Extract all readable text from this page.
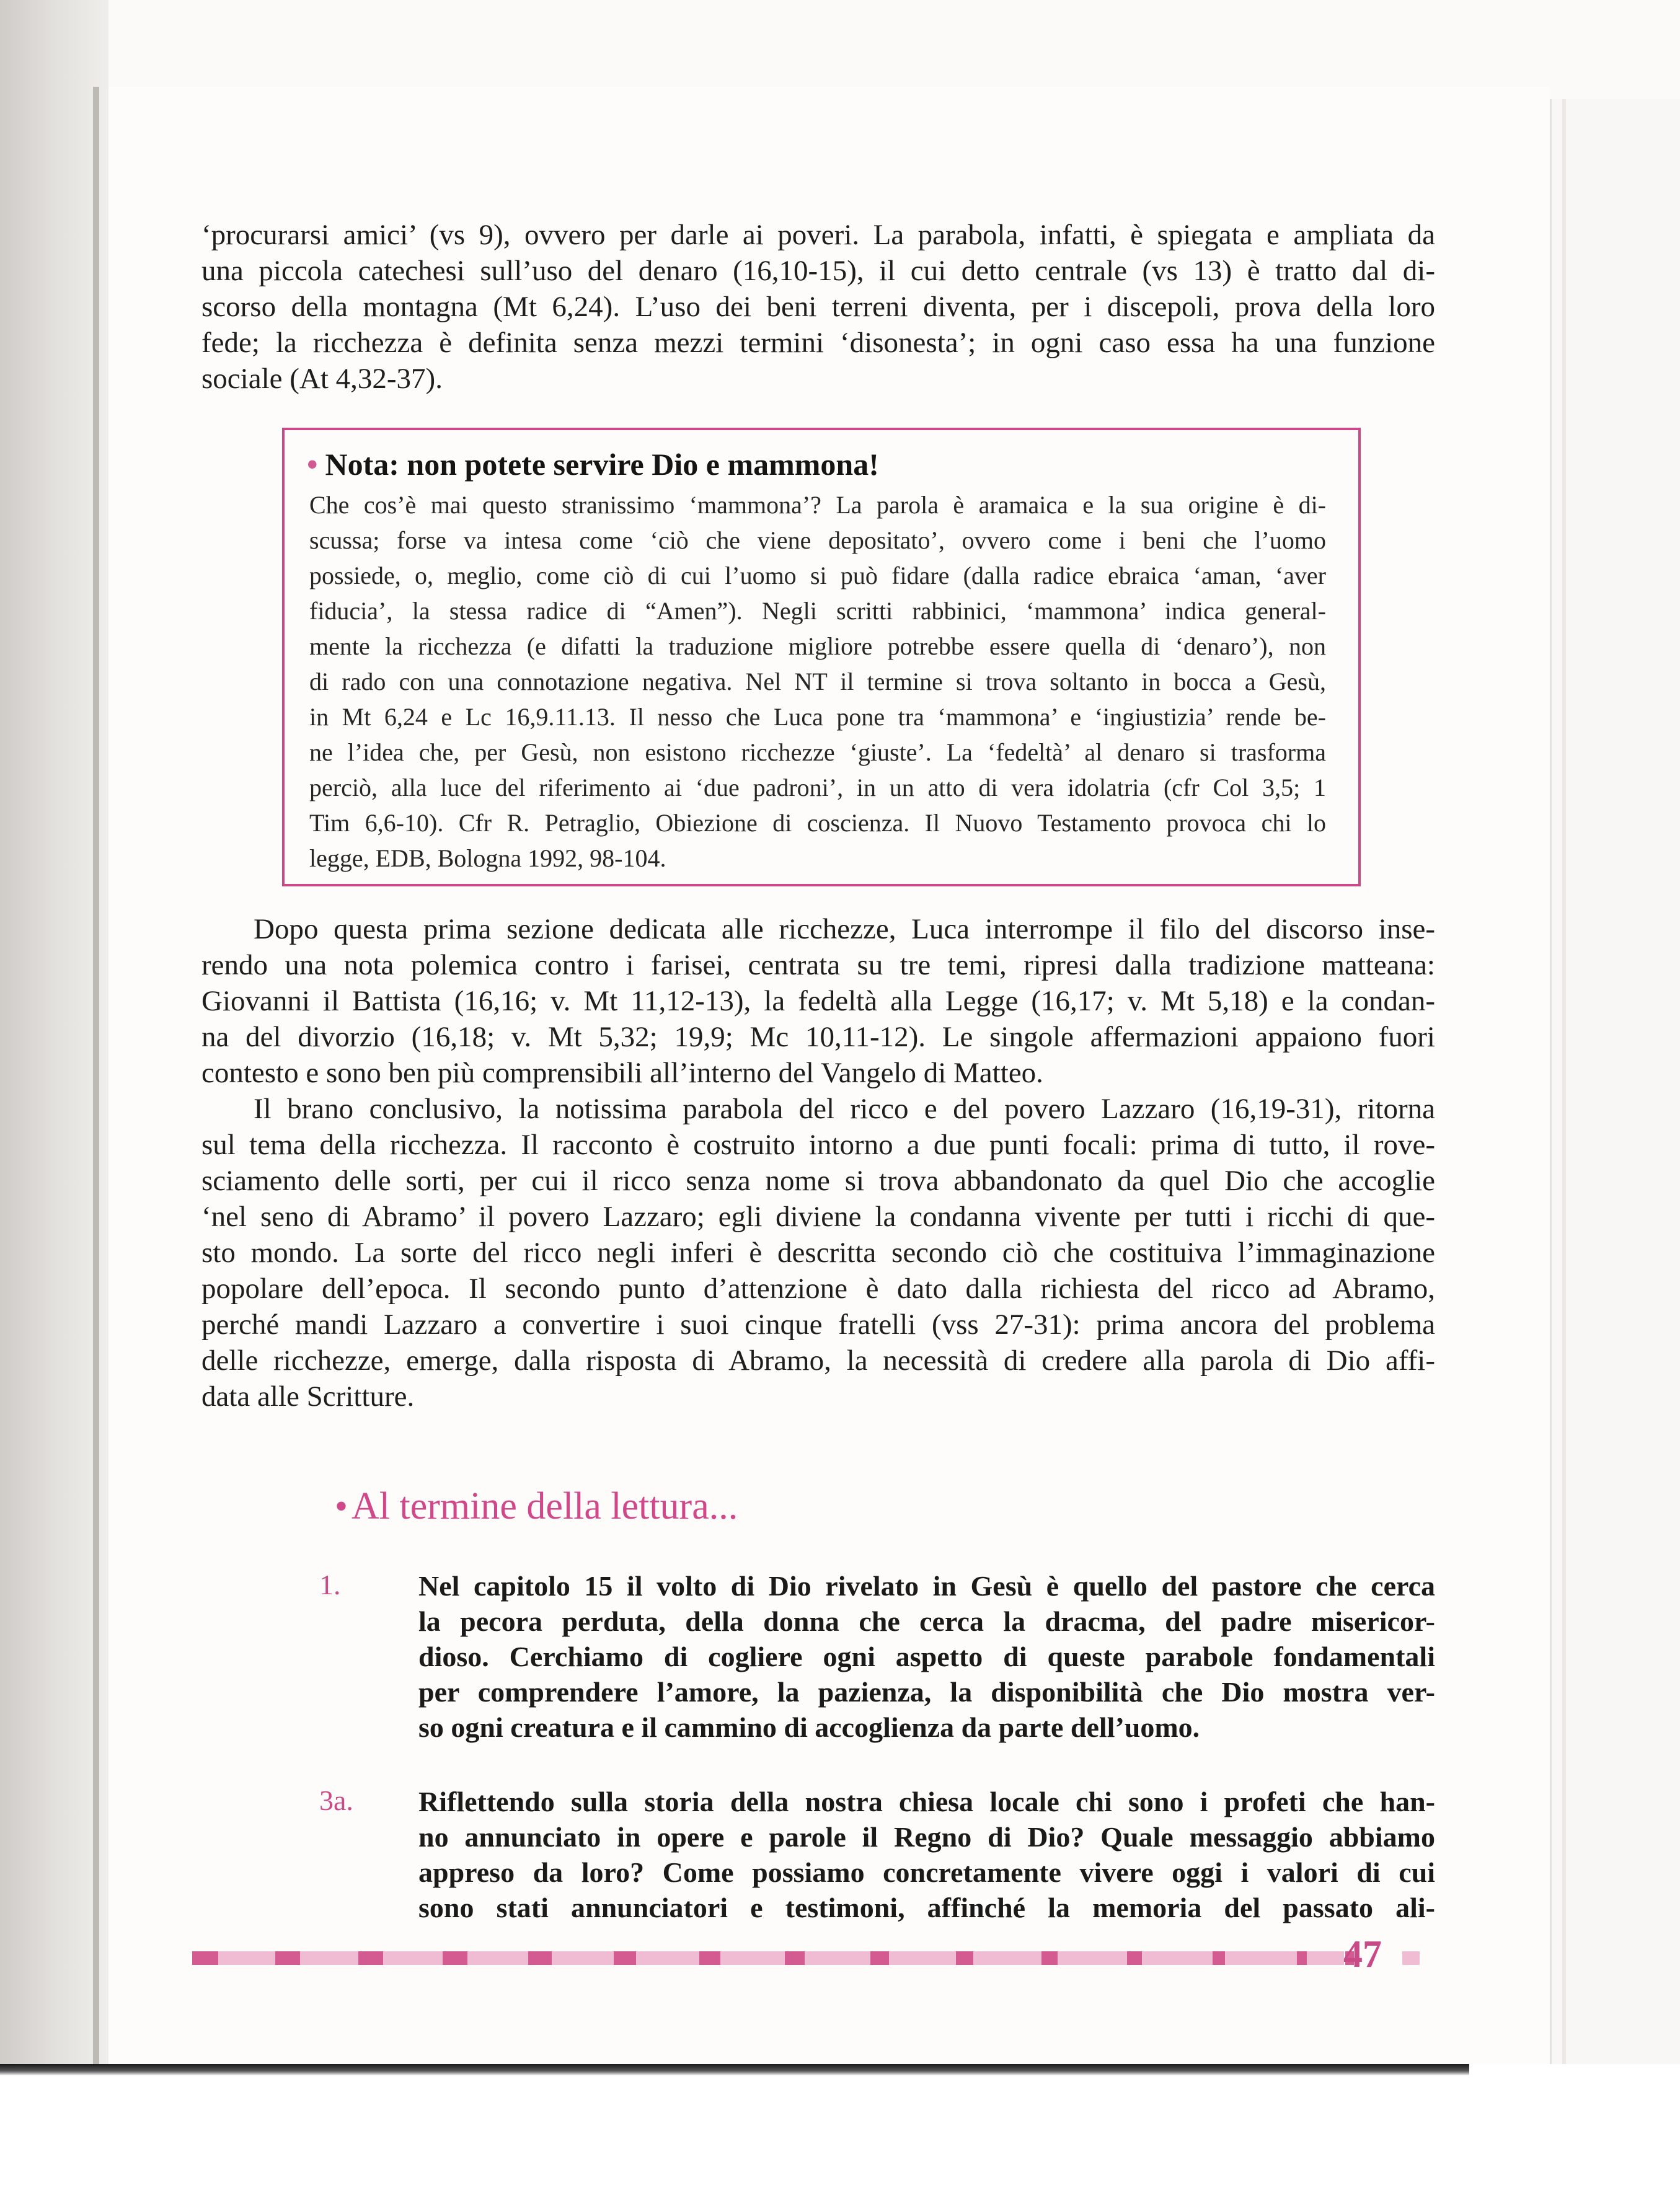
‘procurarsi amici’ (vs 9), ovvero per darle ai poveri. La parabola, infatti, è spiegata e ampliata da
una piccola catechesi sull’uso del denaro (16,10-15), il cui detto centrale (vs 13) è tratto dal di-
scorso della montagna (Mt 6,24). L’uso dei beni terreni diventa, per i discepoli, prova della loro
fede; la ricchezza è definita senza mezzi termini ‘disonesta’; in ogni caso essa ha una funzione
sociale (At 4,32-37).

• Nota: non potete servire Dio e mammona!
Che cos’è mai questo stranissimo ‘mammona’? La parola è aramaica e la sua origine è di-
scussa; forse va intesa come ‘ciò che viene depositato’, ovvero come i beni che l’uomo
possiede, o, meglio, come ciò di cui l’uomo si può fidare (dalla radice ebraica ‘aman, ‘aver
fiducia’, la stessa radice di “Amen”). Negli scritti rabbinici, ‘mammona’ indica general-
mente la ricchezza (e difatti la traduzione migliore potrebbe essere quella di ‘denaro’), non
di rado con una connotazione negativa. Nel NT il termine si trova soltanto in bocca a Gesù,
in Mt 6,24 e Lc 16,9.11.13. Il nesso che Luca pone tra ‘mammona’ e ‘ingiustizia’ rende be-
ne l’idea che, per Gesù, non esistono ricchezze ‘giuste’. La ‘fedeltà’ al denaro si trasforma
perciò, alla luce del riferimento ai ‘due padroni’, in un atto di vera idolatria (cfr Col 3,5; 1
Tim 6,6-10). Cfr R. Petraglio, Obiezione di coscienza. Il Nuovo Testamento provoca chi lo
legge, EDB, Bologna 1992, 98-104.

Dopo questa prima sezione dedicata alle ricchezze, Luca interrompe il filo del discorso inse-
rendo una nota polemica contro i farisei, centrata su tre temi, ripresi dalla tradizione matteana:
Giovanni il Battista (16,16; v. Mt 11,12-13), la fedeltà alla Legge (16,17; v. Mt 5,18) e la condan-
na del divorzio (16,18; v. Mt 5,32; 19,9; Mc 10,11-12). Le singole affermazioni appaiono fuori
contesto e sono ben più comprensibili all’interno del Vangelo di Matteo.

Il brano conclusivo, la notissima parabola del ricco e del povero Lazzaro (16,19-31), ritorna
sul tema della ricchezza. Il racconto è costruito intorno a due punti focali: prima di tutto, il rove-
sciamento delle sorti, per cui il ricco senza nome si trova abbandonato da quel Dio che accoglie
‘nel seno di Abramo’ il povero Lazzaro; egli diviene la condanna vivente per tutti i ricchi di que-
sto mondo. La sorte del ricco negli inferi è descritta secondo ciò che costituiva l’immaginazione
popolare dell’epoca. Il secondo punto d’attenzione è dato dalla richiesta del ricco ad Abramo,
perché mandi Lazzaro a convertire i suoi cinque fratelli (vss 27-31): prima ancora del problema
delle ricchezze, emerge, dalla risposta di Abramo, la necessità di credere alla parola di Dio affi-
data alle Scritture.

•Al termine della lettura...
1.	Nel capitolo 15 il volto di Dio rivelato in Gesù è quello del pastore che cerca
la pecora perduta, della donna che cerca la dracma, del padre misericor-
dioso. Cerchiamo di cogliere ogni aspetto di queste parabole fondamentali
per comprendere l’amore, la pazienza, la disponibilità che Dio mostra ver-
so ogni creatura e il cammino di accoglienza da parte dell’uomo.
3a. Riflettendo sulla storia della nostra chiesa locale chi sono i profeti che han-
no annunciato in opere e parole il Regno di Dio? Quale messaggio abbiamo
appreso da loro? Come possiamo concretamente vivere oggi i valori di cui
sono stati annunciatori e testimoni, affinché la memoria del passato ali-
47
